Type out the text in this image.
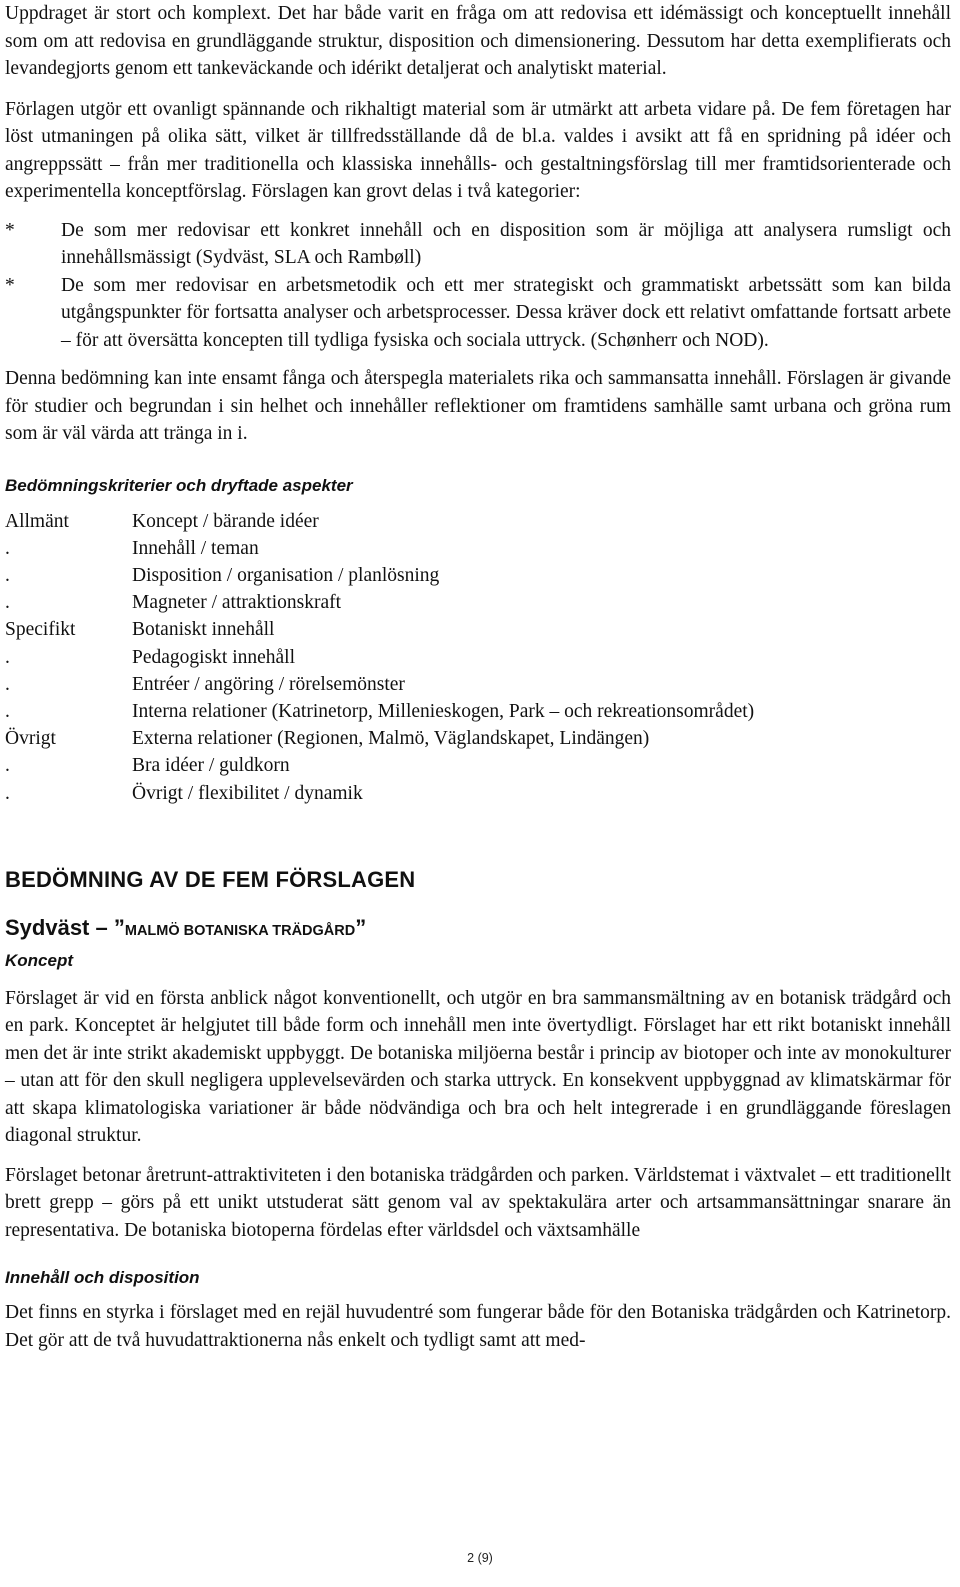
Uppdraget är stort och komplext. Det har både varit en fråga om att redovisa ett idémässigt och konceptuellt innehåll som om att redovisa en grundläggande struktur, disposition och dimensionering. Dessutom har detta exemplifierats och levandegjorts genom ett tankeväckande och idérikt detaljerat och analytiskt material.

Förlagen utgör ett ovanligt spännande och rikhaltigt material som är utmärkt att arbeta vidare på. De fem företagen har löst utmaningen på olika sätt, vilket är tillfredsställande då de bl.a. valdes i avsikt att få en spridning på idéer och angreppssätt – från mer traditionella och klassiska innehålls- och gestaltningsförslag till mer framtidsorienterade och experimentella konceptförslag. Förslagen kan grovt delas i två kategorier:

*	De som mer redovisar ett konkret innehåll och en disposition som är möjliga att analysera rumsligt och innehållsmässigt (Sydväst, SLA och Rambøll)
*	De som mer redovisar en arbetsmetodik och ett mer strategiskt och grammatiskt arbetssätt som kan bilda utgångspunkter för fortsatta analyser och arbetsprocesser. Dessa kräver dock ett relativt omfattande fortsatt arbete – för att översätta koncepten till tydliga fysiska och sociala uttryck. (Schønherr och NOD).

Denna bedömning kan inte ensamt fånga och återspegla materialets rika och sammansatta innehåll. Förslagen är givande för studier och begrundan i sin helhet och innehåller reflektioner om framtidens samhälle samt urbana och gröna rum som är väl värda att tränga in i.

Bedömningskriterier och dryftade aspekter
Allmänt	Koncept / bärande idéer
.	Innehåll / teman
.	Disposition / organisation / planlösning
.	Magneter / attraktionskraft
Specifikt	Botaniskt innehåll
.	Pedagogiskt innehåll
.	Entréer / angöring / rörelsemönster
.	Interna relationer (Katrinetorp, Millenieskogen, Park – och rekreationsområdet)
Övrigt	Externa relationer (Regionen, Malmö, Väglandskapet, Lindängen)
.	Bra idéer / guldkorn
.	Övrigt / flexibilitet / dynamik
BEDÖMNING AV DE FEM FÖRSLAGEN
Sydväst – ”MALMÖ BOTANISKA TRÄDGÅRD”
Koncept

Förslaget är vid en första anblick något konventionellt, och utgör en bra sammansmältning av en botanisk trädgård och en park. Konceptet är helgjutet till både form och innehåll men inte övertydligt. Förslaget har ett rikt botaniskt innehåll men det är inte strikt akademiskt uppbyggt. De botaniska miljöerna består i princip av biotoper och inte av monokulturer – utan att för den skull negligera upplevelsevärden och starka uttryck. En konsekvent uppbyggnad av klimatskärmar för att skapa klimatologiska variationer är både nödvändiga och bra och helt integrerade i en grundläggande föreslagen diagonal struktur.

Förslaget betonar åretrunt-attraktiviteten i den botaniska trädgården och parken. Världstemat i växtvalet – ett traditionellt brett grepp – görs på ett unikt utstuderat sätt genom val av spektakulära arter och artsammansättningar snarare än representativa. De botaniska biotoperna fördelas efter världsdel och växtsamhälle

Innehåll och disposition

Det finns en styrka i förslaget med en rejäl huvudentré som fungerar både för den Botaniska trädgården och Katrinetorp. Det gör att de två huvudattraktionerna nås enkelt och tydligt samt att med-

2 (9)
